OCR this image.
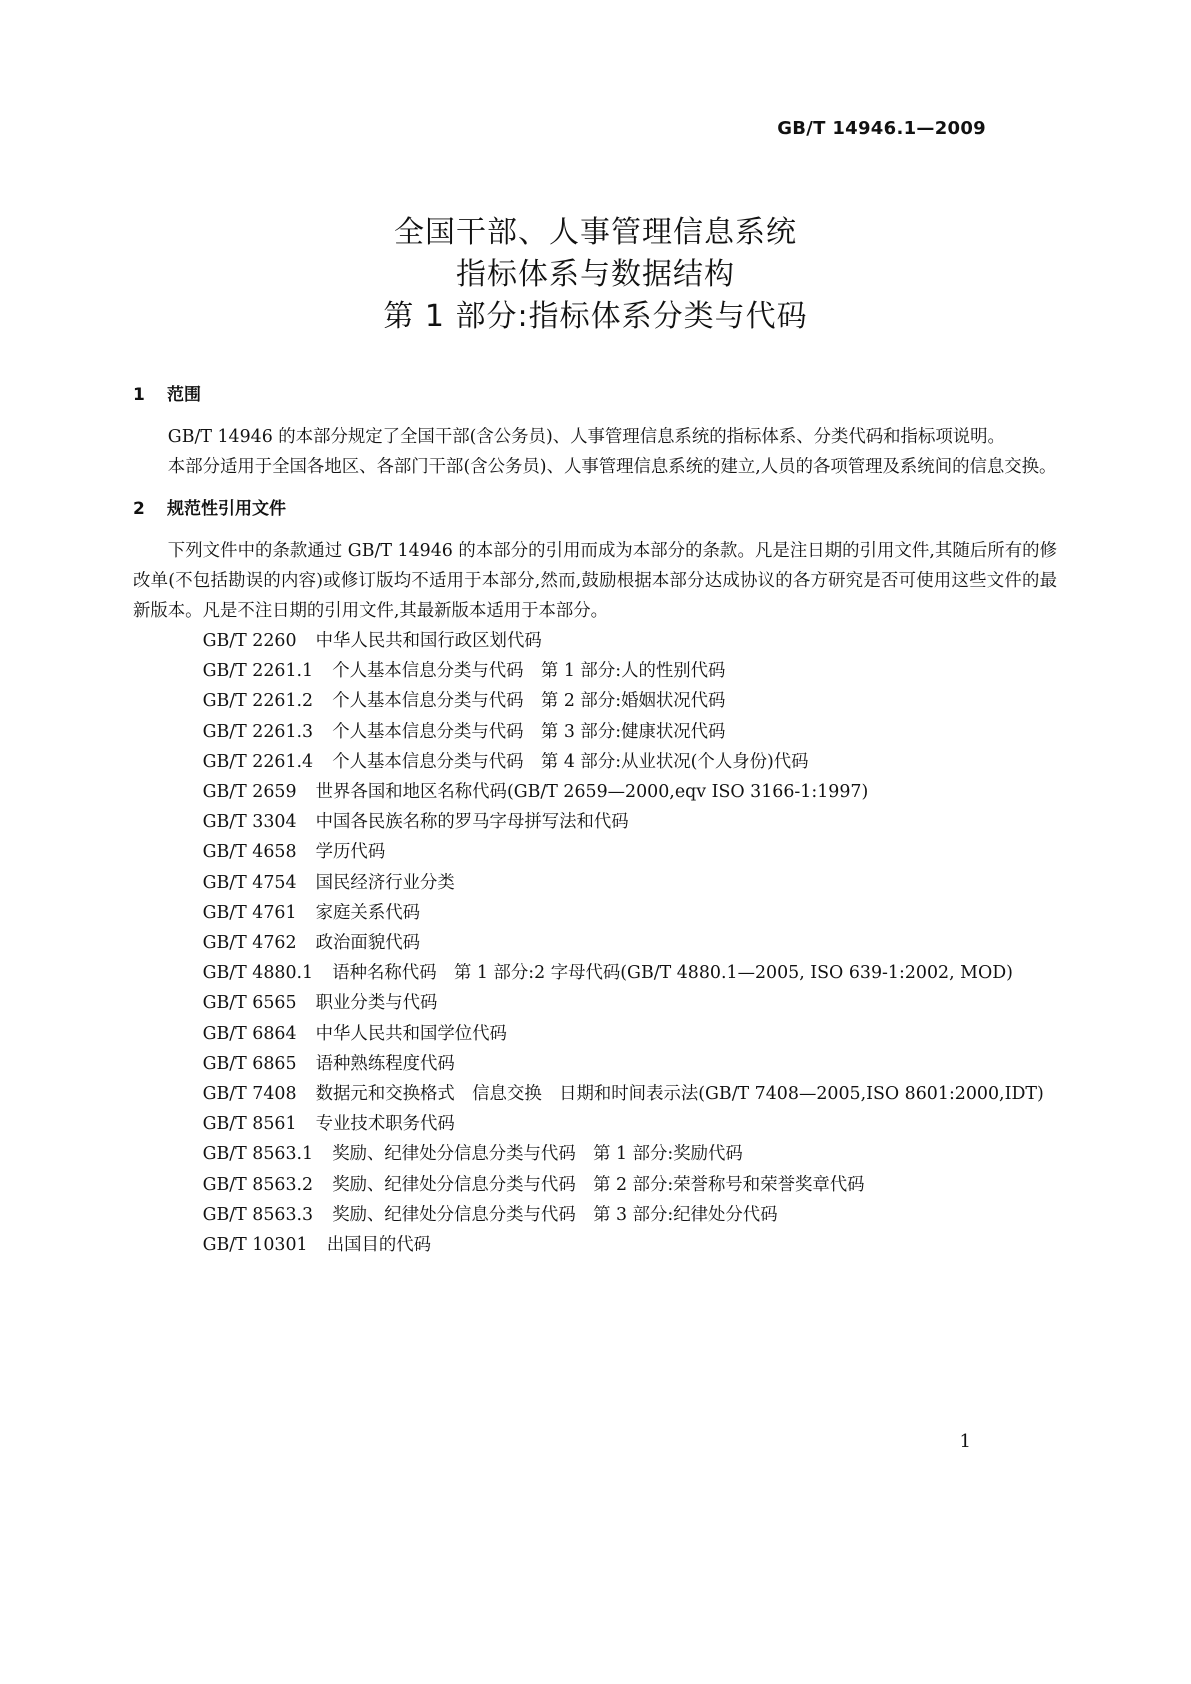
GB/T 14946.1—2009
全国干部、人事管理信息系统
指标体系与数据结构
第 1 部分:指标体系分类与代码
1 范围

GB/T 14946 的本部分规定了全国干部(含公务员)、人事管理信息系统的指标体系、分类代码和指标项说明。

本部分适用于全国各地区、各部门干部(含公务员)、人事管理信息系统的建立,人员的各项管理及系统间的信息交换。

2 规范性引用文件

下列文件中的条款通过 GB/T 14946 的本部分的引用而成为本部分的条款。凡是注日期的引用文件,其随后所有的修改单(不包括勘误的内容)或修订版均不适用于本部分,然而,鼓励根据本部分达成协议的各方研究是否可使用这些文件的最新版本。凡是不注日期的引用文件,其最新版本适用于本部分。

GB/T 2260 中华人民共和国行政区划代码
GB/T 2261.1 个人基本信息分类与代码　第 1 部分:人的性别代码
GB/T 2261.2 个人基本信息分类与代码　第 2 部分:婚姻状况代码
GB/T 2261.3 个人基本信息分类与代码　第 3 部分:健康状况代码
GB/T 2261.4 个人基本信息分类与代码　第 4 部分:从业状况(个人身份)代码
GB/T 2659 世界各国和地区名称代码(GB/T 2659—2000,eqv ISO 3166-1:1997)
GB/T 3304 中国各民族名称的罗马字母拼写法和代码
GB/T 4658 学历代码
GB/T 4754 国民经济行业分类
GB/T 4761 家庭关系代码
GB/T 4762 政治面貌代码
GB/T 4880.1 语种名称代码　第 1 部分:2 字母代码(GB/T 4880.1—2005, ISO 639-1:2002, MOD)
GB/T 6565 职业分类与代码
GB/T 6864 中华人民共和国学位代码
GB/T 6865 语种熟练程度代码
GB/T 7408 数据元和交换格式　信息交换　日期和时间表示法(GB/T 7408—2005,ISO 8601:2000,IDT)
GB/T 8561 专业技术职务代码
GB/T 8563.1 奖励、纪律处分信息分类与代码　第 1 部分:奖励代码
GB/T 8563.2 奖励、纪律处分信息分类与代码　第 2 部分:荣誉称号和荣誉奖章代码
GB/T 8563.3 奖励、纪律处分信息分类与代码　第 3 部分:纪律处分代码
GB/T 10301 出国目的代码
1
